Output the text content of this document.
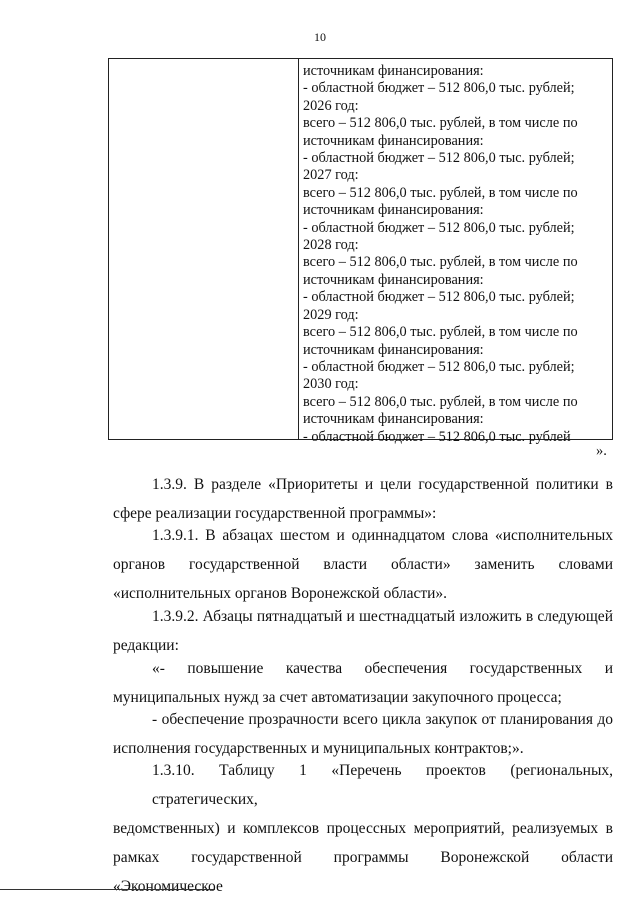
10
источникам финансирования:
- областной бюджет – 512 806,0 тыс. рублей;
2026 год:
всего – 512 806,0 тыс. рублей, в том числе по
источникам финансирования:
- областной бюджет – 512 806,0 тыс. рублей;
2027 год:
всего – 512 806,0 тыс. рублей, в том числе по
источникам финансирования:
- областной бюджет – 512 806,0 тыс. рублей;
2028 год:
всего – 512 806,0 тыс. рублей, в том числе по
источникам финансирования:
- областной бюджет – 512 806,0 тыс. рублей;
2029 год:
всего – 512 806,0 тыс. рублей, в том числе по
источникам финансирования:
- областной бюджет – 512 806,0 тыс. рублей;
2030 год:
всего – 512 806,0 тыс. рублей, в том числе по
источникам финансирования:
- областной бюджет – 512 806,0 тыс. рублей
».
1.3.9. В разделе «Приоритеты и цели государственной политики в
сфере реализации государственной программы»:
1.3.9.1. В абзацах шестом и одиннадцатом слова «исполнительных
органов государственной власти области» заменить словами
«исполнительных органов Воронежской области».
1.3.9.2. Абзацы пятнадцатый и шестнадцатый изложить в следующей
редакции:
«- повышение качества обеспечения государственных и
муниципальных нужд за счет автоматизации закупочного процесса;
- обеспечение прозрачности всего цикла закупок от планирования до
исполнения государственных и муниципальных контрактов;».
1.3.10. Таблицу 1 «Перечень проектов (региональных, стратегических,
ведомственных) и комплексов процессных мероприятий, реализуемых в
рамках государственной программы Воронежской области «Экономическое
